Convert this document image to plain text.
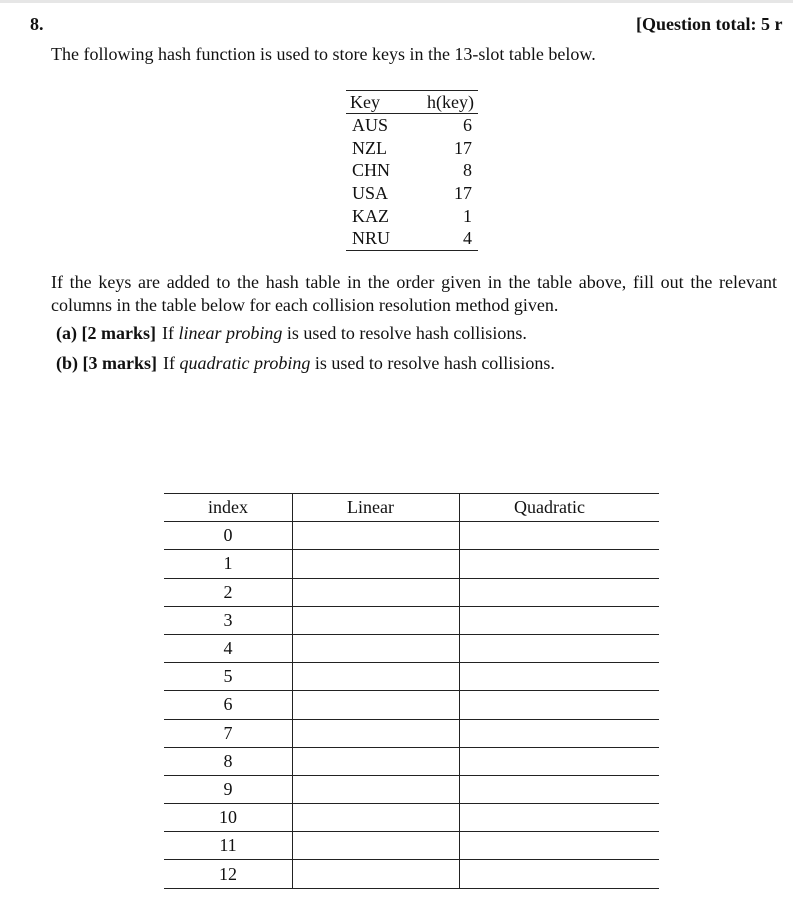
8.	[Question total: 5 r
The following hash function is used to store keys in the 13-slot table below.
Key	h(key)
AUS	6
NZL	17
CHN	8
USA	17
KAZ	1
NRU	4
If the keys are added to the hash table in the order given in the table above, fill out the relevant columns in the table below for each collision resolution method given.
(a) [2 marks] If linear probing is used to resolve hash collisions.
(b) [3 marks] If quadratic probing is used to resolve hash collisions.
index	Linear	Quadratic
0		
1		
2		
3		
4		
5		
6		
7		
8		
9		
10		
11		
12		
